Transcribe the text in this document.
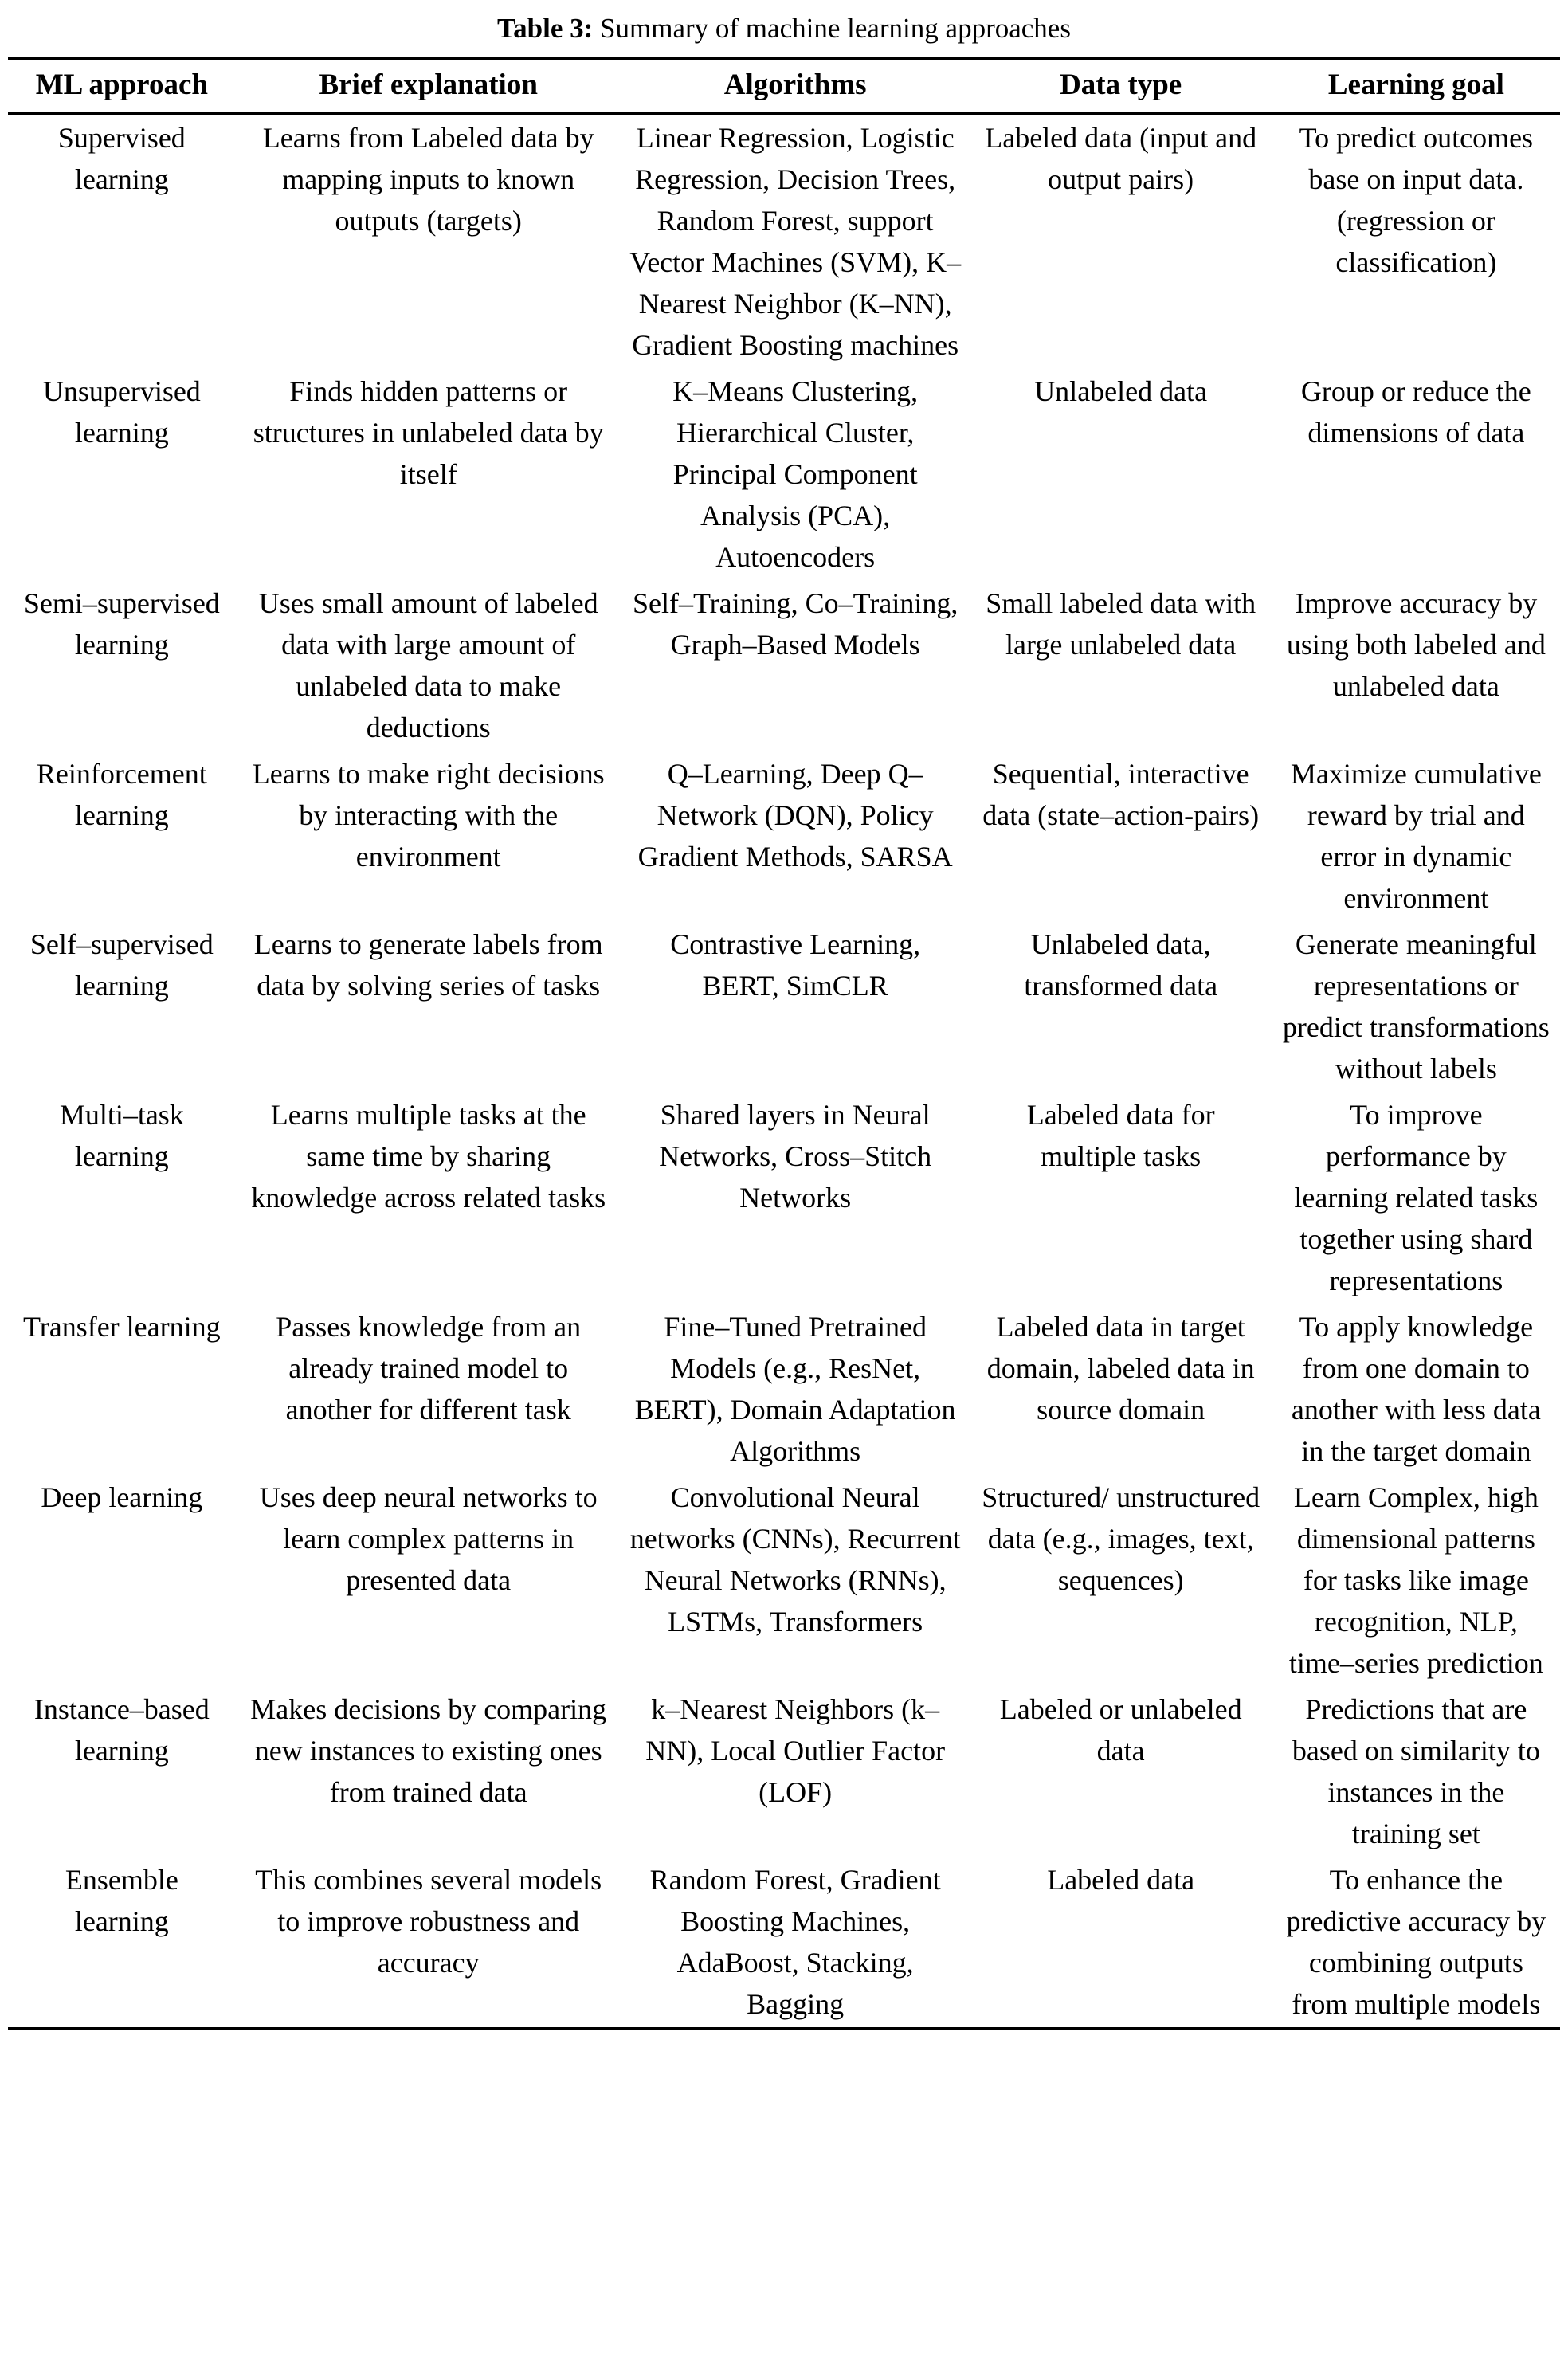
Table 3: Summary of machine learning approaches
ML approach	Brief explanation	Algorithms	Data type	Learning goal
Supervised learning	Learns from Labeled data by mapping inputs to known outputs (targets)	Linear Regression, Logistic Regression, Decision Trees, Random Forest, support Vector Machines (SVM), K–Nearest Neighbor (K–NN), Gradient Boosting machines	Labeled data (input and output pairs)	To predict outcomes base on input data. (regression or classification)
Unsupervised learning	Finds hidden patterns or structures in unlabeled data by itself	K–Means Clustering, Hierarchical Cluster, Principal Component Analysis (PCA), Autoencoders	Unlabeled data	Group or reduce the dimensions of data
Semi–supervised learning	Uses small amount of labeled data with large amount of unlabeled data to make deductions	Self–Training, Co–Training, Graph–Based Models	Small labeled data with large unlabeled data	Improve accuracy by using both labeled and unlabeled data
Reinforcement learning	Learns to make right decisions by interacting with the environment	Q–Learning, Deep Q–Network (DQN), Policy Gradient Methods, SARSA	Sequential, interactive data (state–action-pairs)	Maximize cumulative reward by trial and error in dynamic environment
Self–supervised learning	Learns to generate labels from data by solving series of tasks	Contrastive Learning, BERT, SimCLR	Unlabeled data, transformed data	Generate meaningful representations or predict transformations without labels
Multi–task learning	Learns multiple tasks at the same time by sharing knowledge across related tasks	Shared layers in Neural Networks, Cross–Stitch Networks	Labeled data for multiple tasks	To improve performance by learning related tasks together using shard representations
Transfer learning	Passes knowledge from an already trained model to another for different task	Fine–Tuned Pretrained Models (e.g., ResNet, BERT), Domain Adaptation Algorithms	Labeled data in target domain, labeled data in source domain	To apply knowledge from one domain to another with less data in the target domain
Deep learning	Uses deep neural networks to learn complex patterns in presented data	Convolutional Neural networks (CNNs), Recurrent Neural Networks (RNNs), LSTMs, Transformers	Structured/ unstructured data (e.g., images, text, sequences)	Learn Complex, high dimensional patterns for tasks like image recognition, NLP, time–series prediction
Instance–based learning	Makes decisions by comparing new instances to existing ones from trained data	k–Nearest Neighbors (k–NN), Local Outlier Factor (LOF)	Labeled or unlabeled data	Predictions that are based on similarity to instances in the training set
Ensemble learning	This combines several models to improve robustness and accuracy	Random Forest, Gradient Boosting Machines, AdaBoost, Stacking, Bagging	Labeled data	To enhance the predictive accuracy by combining outputs from multiple models
